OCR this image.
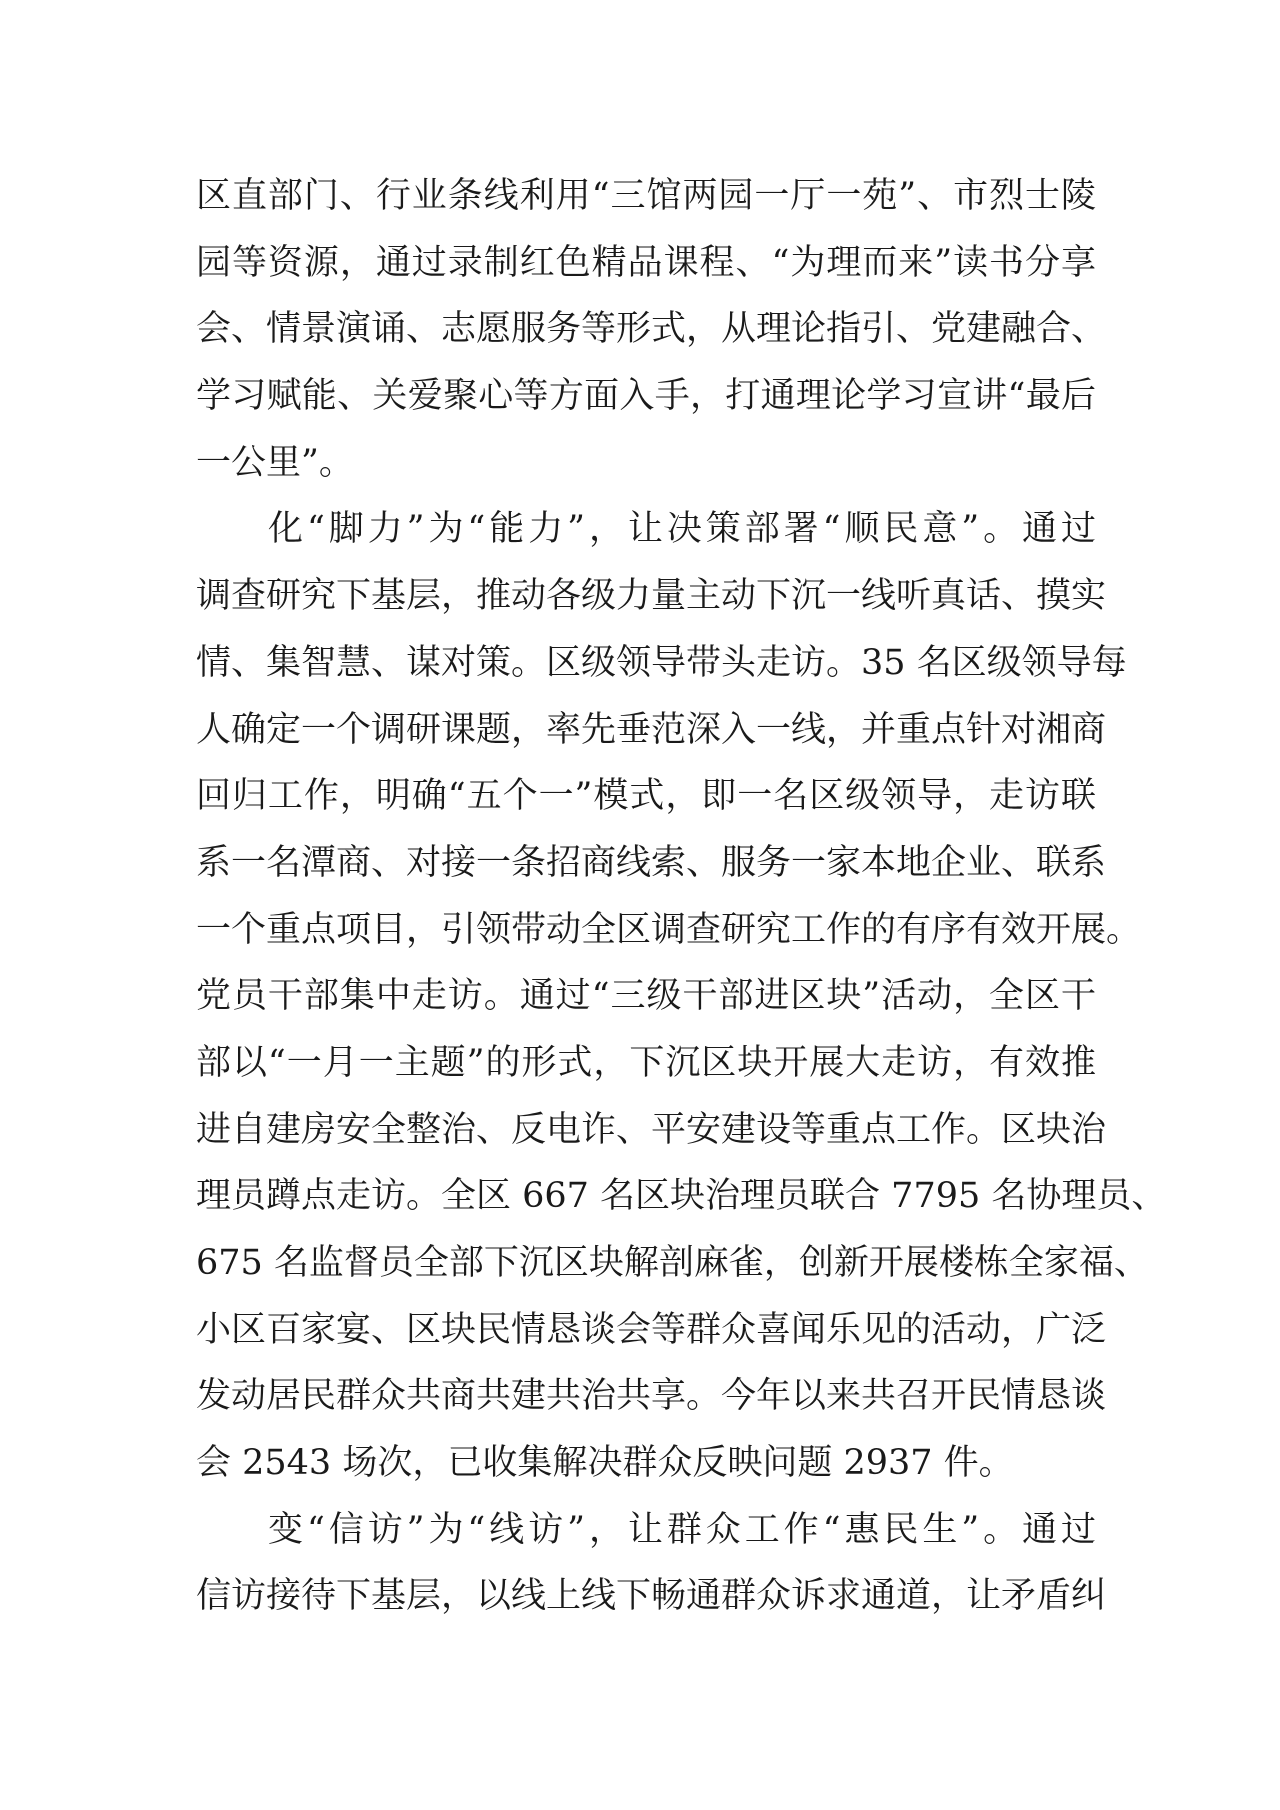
区直部门、行业条线利用“三馆两园一厅一苑”、市烈士陵
园等资源，通过录制红色精品课程、“为理而来”读书分享
会、情景演诵、志愿服务等形式，从理论指引、党建融合、
学习赋能、关爱聚心等方面入手，打通理论学习宣讲“最后
一公里”。
化“脚力”为“能力”，让决策部署“顺民意”。通过
调查研究下基层，推动各级力量主动下沉一线听真话、摸实
情、集智慧、谋对策。区级领导带头走访。35 名区级领导每
人确定一个调研课题，率先垂范深入一线，并重点针对湘商
回归工作，明确“五个一”模式，即一名区级领导，走访联
系一名潭商、对接一条招商线索、服务一家本地企业、联系
一个重点项目，引领带动全区调查研究工作的有序有效开展。
党员干部集中走访。通过“三级干部进区块”活动，全区干
部以“一月一主题”的形式，下沉区块开展大走访，有效推
进自建房安全整治、反电诈、平安建设等重点工作。区块治
理员蹲点走访。全区 667 名区块治理员联合 7795 名协理员、
675 名监督员全部下沉区块解剖麻雀，创新开展楼栋全家福、
小区百家宴、区块民情恳谈会等群众喜闻乐见的活动，广泛
发动居民群众共商共建共治共享。今年以来共召开民情恳谈
会 2543 场次，已收集解决群众反映问题 2937 件。
变“信访”为“线访”，让群众工作“惠民生”。通过
信访接待下基层，以线上线下畅通群众诉求通道，让矛盾纠
